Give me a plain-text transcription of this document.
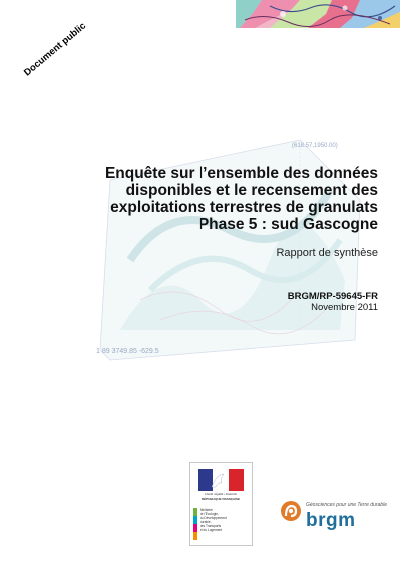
(618.57,1950.00)
1 89 3749.85 -629.5
Document public
Enquête sur l’ensemble des données
disponibles et le recensement des
exploitations terrestres de granulats
Phase 5 : sud Gascogne
Rapport de synthèse
BRGM/RP-59645-FR
Novembre 2011
Liberté • Égalité • Fraternité
RÉPUBLIQUE FRANÇAISE
Ministère
de l'Écologie,
du Développement
durable,
des Transports
et du Logement
Géosciences pour une Terre durable
brgm
